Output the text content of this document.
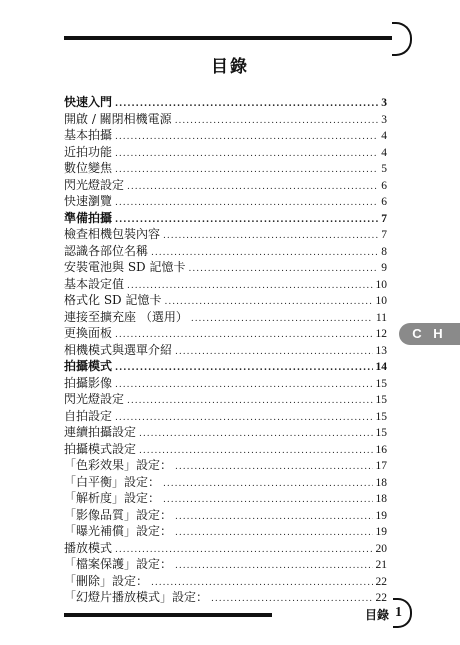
目錄
快速入門 .....	3
開啟 / 關閉相機電源 .....	3
基本拍攝 .....	4
近拍功能 .....	4
數位變焦 .....	5
閃光燈設定 .....	6
快速瀏覽 .....	6
準備拍攝 .....	7
檢查相機包裝內容 .....	7
認識各部位名稱 .....	8
安裝電池與 SD 記憶卡 .....	9
基本設定值 .....	10
格式化 SD 記憶卡 .....	10
連接至擴充座 （選用） .....	11
更換面板 .....	12
相機模式與選單介紹 .....	13
拍攝模式 .....	14
拍攝影像 .....	15
閃光燈設定 .....	15
自拍設定 .....	15
連續拍攝設定 .....	15
拍攝模式設定 .....	16
「色彩效果」設定： .....	17
「白平衡」設定： .....	18
「解析度」設定： .....	18
「影像品質」設定： .....	19
「曝光補償」設定： .....	19
播放模式 .....	20
「檔案保護」設定： .....	21
「刪除」設定： .....	22
「幻燈片播放模式」設定： .....	22
C H
目錄 1
